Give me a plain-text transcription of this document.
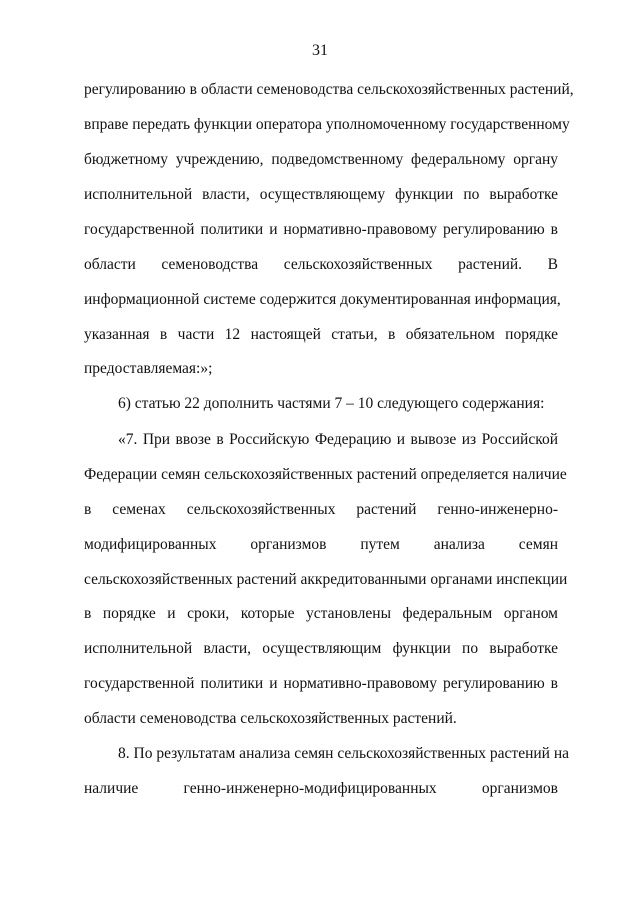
31
регулированию в области семеноводства сельскохозяйственных растений,
вправе передать функции оператора уполномоченному государственному
бюджетному учреждению, подведомственному федеральному органу
исполнительной власти, осуществляющему функции по выработке
государственной политики и нормативно-правовому регулированию в
области семеноводства сельскохозяйственных растений. В
информационной системе содержится документированная информация,
указанная в части 12 настоящей статьи, в обязательном порядке
предоставляемая:»;
6) статью 22 дополнить частями 7 – 10 следующего содержания:
«7. При ввозе в Российскую Федерацию и вывозе из Российской
Федерации семян сельскохозяйственных растений определяется наличие
в семенах сельскохозяйственных растений генно-инженерно-
модифицированных организмов путем анализа семян
сельскохозяйственных растений аккредитованными органами инспекции
в порядке и сроки, которые установлены федеральным органом
исполнительной власти, осуществляющим функции по выработке
государственной политики и нормативно-правовому регулированию в
области семеноводства сельскохозяйственных растений.
8. По результатам анализа семян сельскохозяйственных растений на
наличие генно-инженерно-модифицированных организмов
